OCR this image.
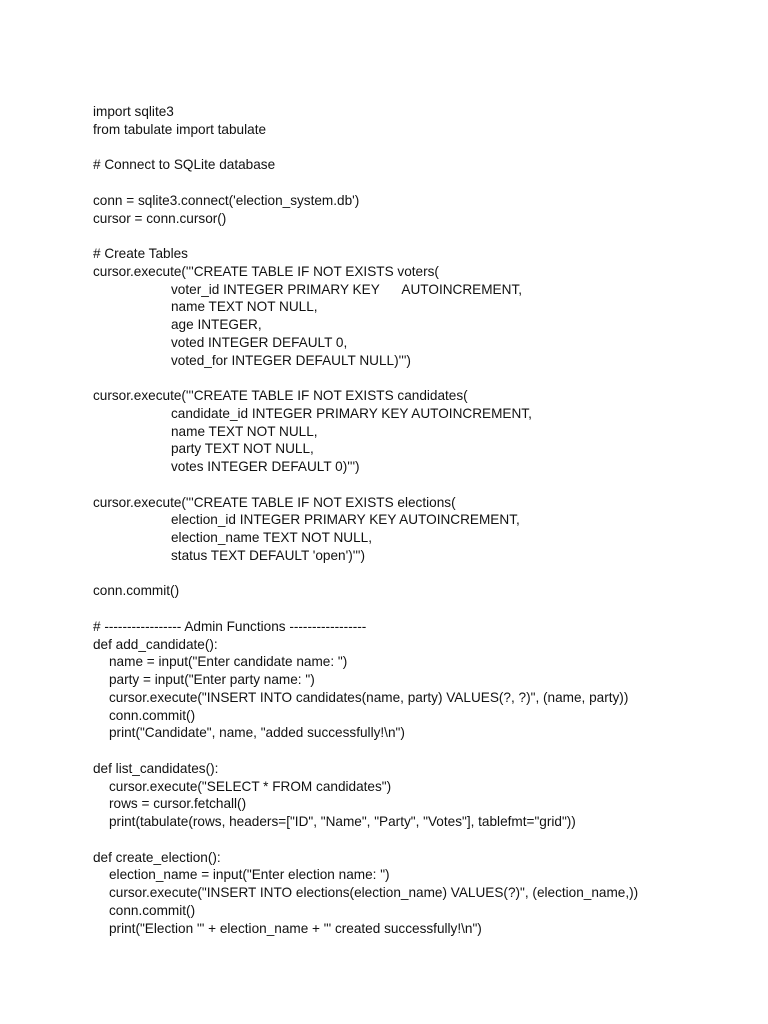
import sqlite3
from tabulate import tabulate
# Connect to SQLite database
conn = sqlite3.connect('election_system.db')
cursor = conn.cursor()
# Create Tables
cursor.execute('''CREATE TABLE IF NOT EXISTS voters(
voter_id INTEGER PRIMARY KEY      AUTOINCREMENT,
name TEXT NOT NULL,
age INTEGER,
voted INTEGER DEFAULT 0,
voted_for INTEGER DEFAULT NULL)''')
cursor.execute('''CREATE TABLE IF NOT EXISTS candidates(
candidate_id INTEGER PRIMARY KEY AUTOINCREMENT,
name TEXT NOT NULL,
party TEXT NOT NULL,
votes INTEGER DEFAULT 0)''')
cursor.execute('''CREATE TABLE IF NOT EXISTS elections(
election_id INTEGER PRIMARY KEY AUTOINCREMENT,
election_name TEXT NOT NULL,
status TEXT DEFAULT 'open')''')
conn.commit()
# ----------------- Admin Functions -----------------
def add_candidate():
name = input("Enter candidate name: ")
party = input("Enter party name: ")
cursor.execute("INSERT INTO candidates(name, party) VALUES(?, ?)", (name, party))
conn.commit()
print("Candidate", name, "added successfully!\n")
def list_candidates():
cursor.execute("SELECT * FROM candidates")
rows = cursor.fetchall()
print(tabulate(rows, headers=["ID", "Name", "Party", "Votes"], tablefmt="grid"))
def create_election():
election_name = input("Enter election name: ")
cursor.execute("INSERT INTO elections(election_name) VALUES(?)", (election_name,))
conn.commit()
print("Election '" + election_name + "' created successfully!\n")
